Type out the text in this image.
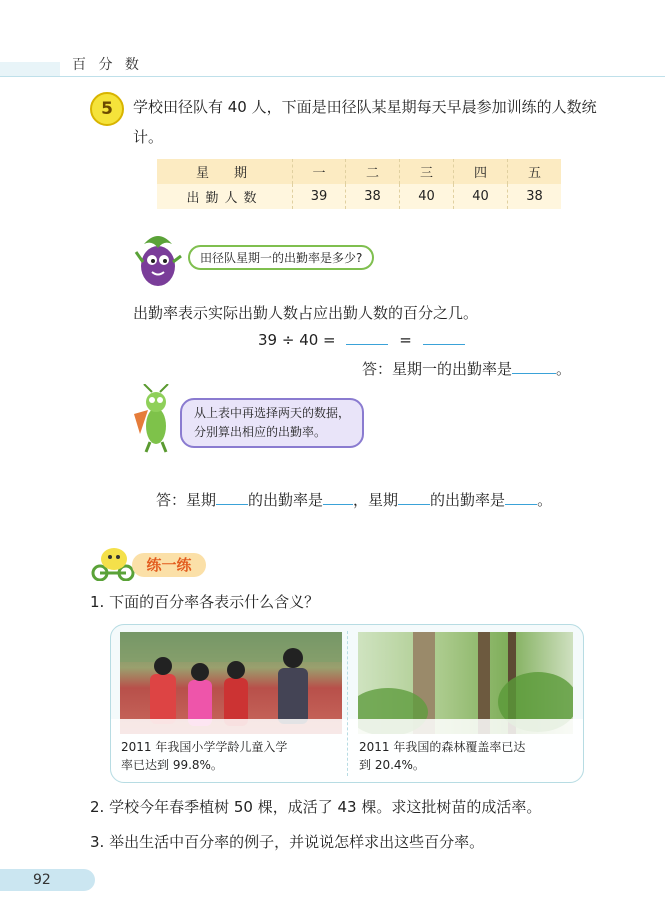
百 分 数
5	学校田径队有 40 人，下面是田径队某星期每天早晨参加训练的人数统计。
星　期	一	二	三	四	五
出勤人数	39	38	40	40	38
田径队星期一的出勤率是多少?
出勤率表示实际出勤人数占应出勤人数的百分之几。
39 ÷ 40 =	=
答：星期一的出勤率是	。
从上表中再选择两天的数据，
分别算出相应的出勤率。
答：星期 的出勤率是 ，星期 的出勤率是 。
练一练
1. 下面的百分率各表示什么含义？
2011 年我国小学学龄儿童入学
率已达到 99.8%。
2011 年我国的森林覆盖率已达
到 20.4%。
2. 学校今年春季植树 50 棵，成活了 43 棵。求这批树苗的成活率。
3. 举出生活中百分率的例子，并说说怎样求出这些百分率。
92
